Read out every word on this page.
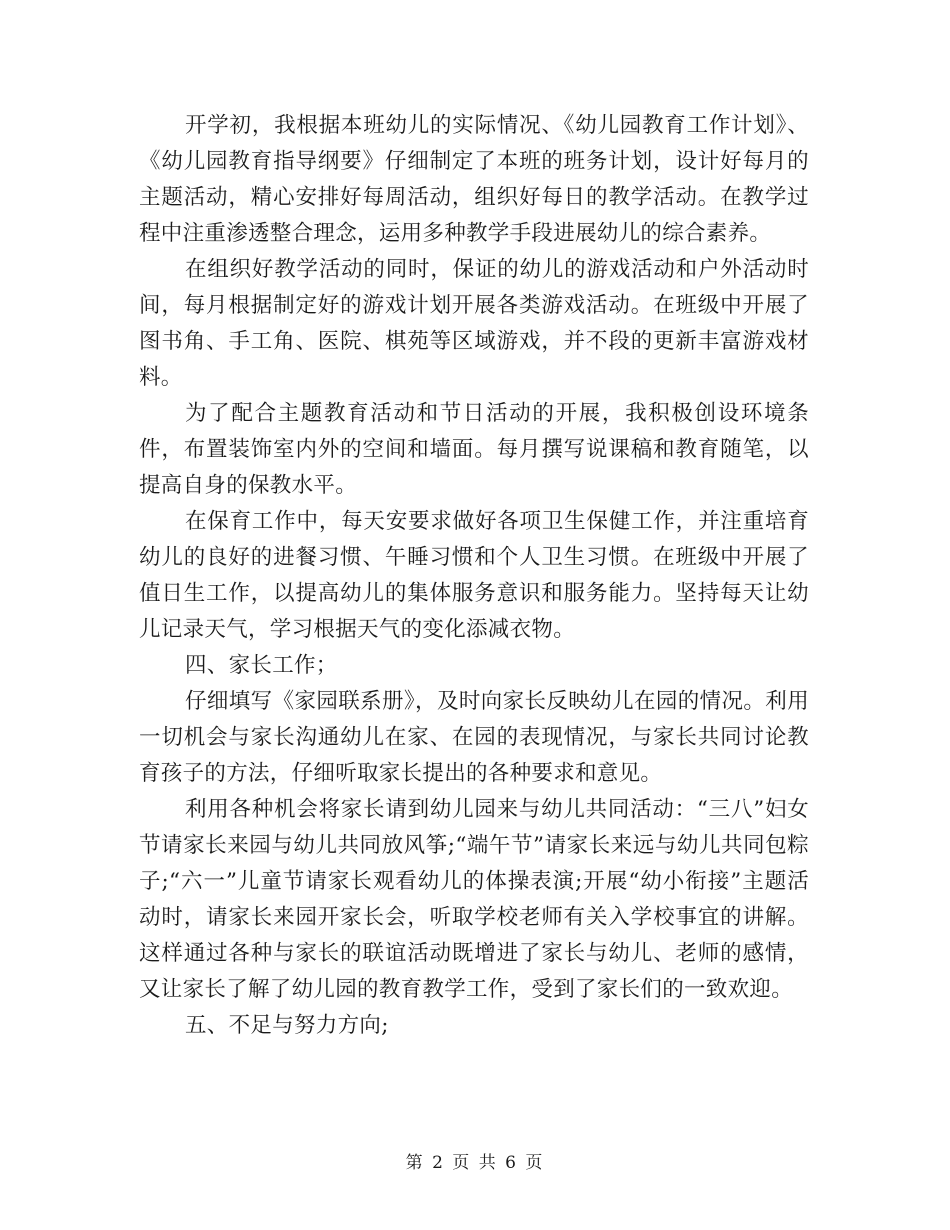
开学初，我根据本班幼儿的实际情况、《幼儿园教育工作计划》、《幼儿园教育指导纲要》仔细制定了本班的班务计划，设计好每月的主题活动，精心安排好每周活动，组织好每日的教学活动。在教学过程中注重渗透整合理念，运用多种教学手段进展幼儿的综合素养。

在组织好教学活动的同时，保证的幼儿的游戏活动和户外活动时间，每月根据制定好的游戏计划开展各类游戏活动。在班级中开展了图书角、手工角、医院、棋苑等区域游戏，并不段的更新丰富游戏材料。

为了配合主题教育活动和节日活动的开展，我积极创设环境条件，布置装饰室内外的空间和墙面。每月撰写说课稿和教育随笔，以提高自身的保教水平。

在保育工作中，每天安要求做好各项卫生保健工作，并注重培育幼儿的良好的进餐习惯、午睡习惯和个人卫生习惯。在班级中开展了值日生工作，以提高幼儿的集体服务意识和服务能力。坚持每天让幼儿记录天气，学习根据天气的变化添减衣物。

四、家长工作；

仔细填写《家园联系册》，及时向家长反映幼儿在园的情况。利用一切机会与家长沟通幼儿在家、在园的表现情况，与家长共同讨论教育孩子的方法，仔细听取家长提出的各种要求和意见。

利用各种机会将家长请到幼儿园来与幼儿共同活动：“三八”妇女节请家长来园与幼儿共同放风筝;“端午节”请家长来远与幼儿共同包粽子;“六一”儿童节请家长观看幼儿的体操表演;开展“幼小衔接”主题活动时，请家长来园开家长会，听取学校老师有关入学校事宜的讲解。这样通过各种与家长的联谊活动既增进了家长与幼儿、老师的感情，又让家长了解了幼儿园的教育教学工作，受到了家长们的一致欢迎。

五、不足与努力方向;

第 2 页 共 6 页
